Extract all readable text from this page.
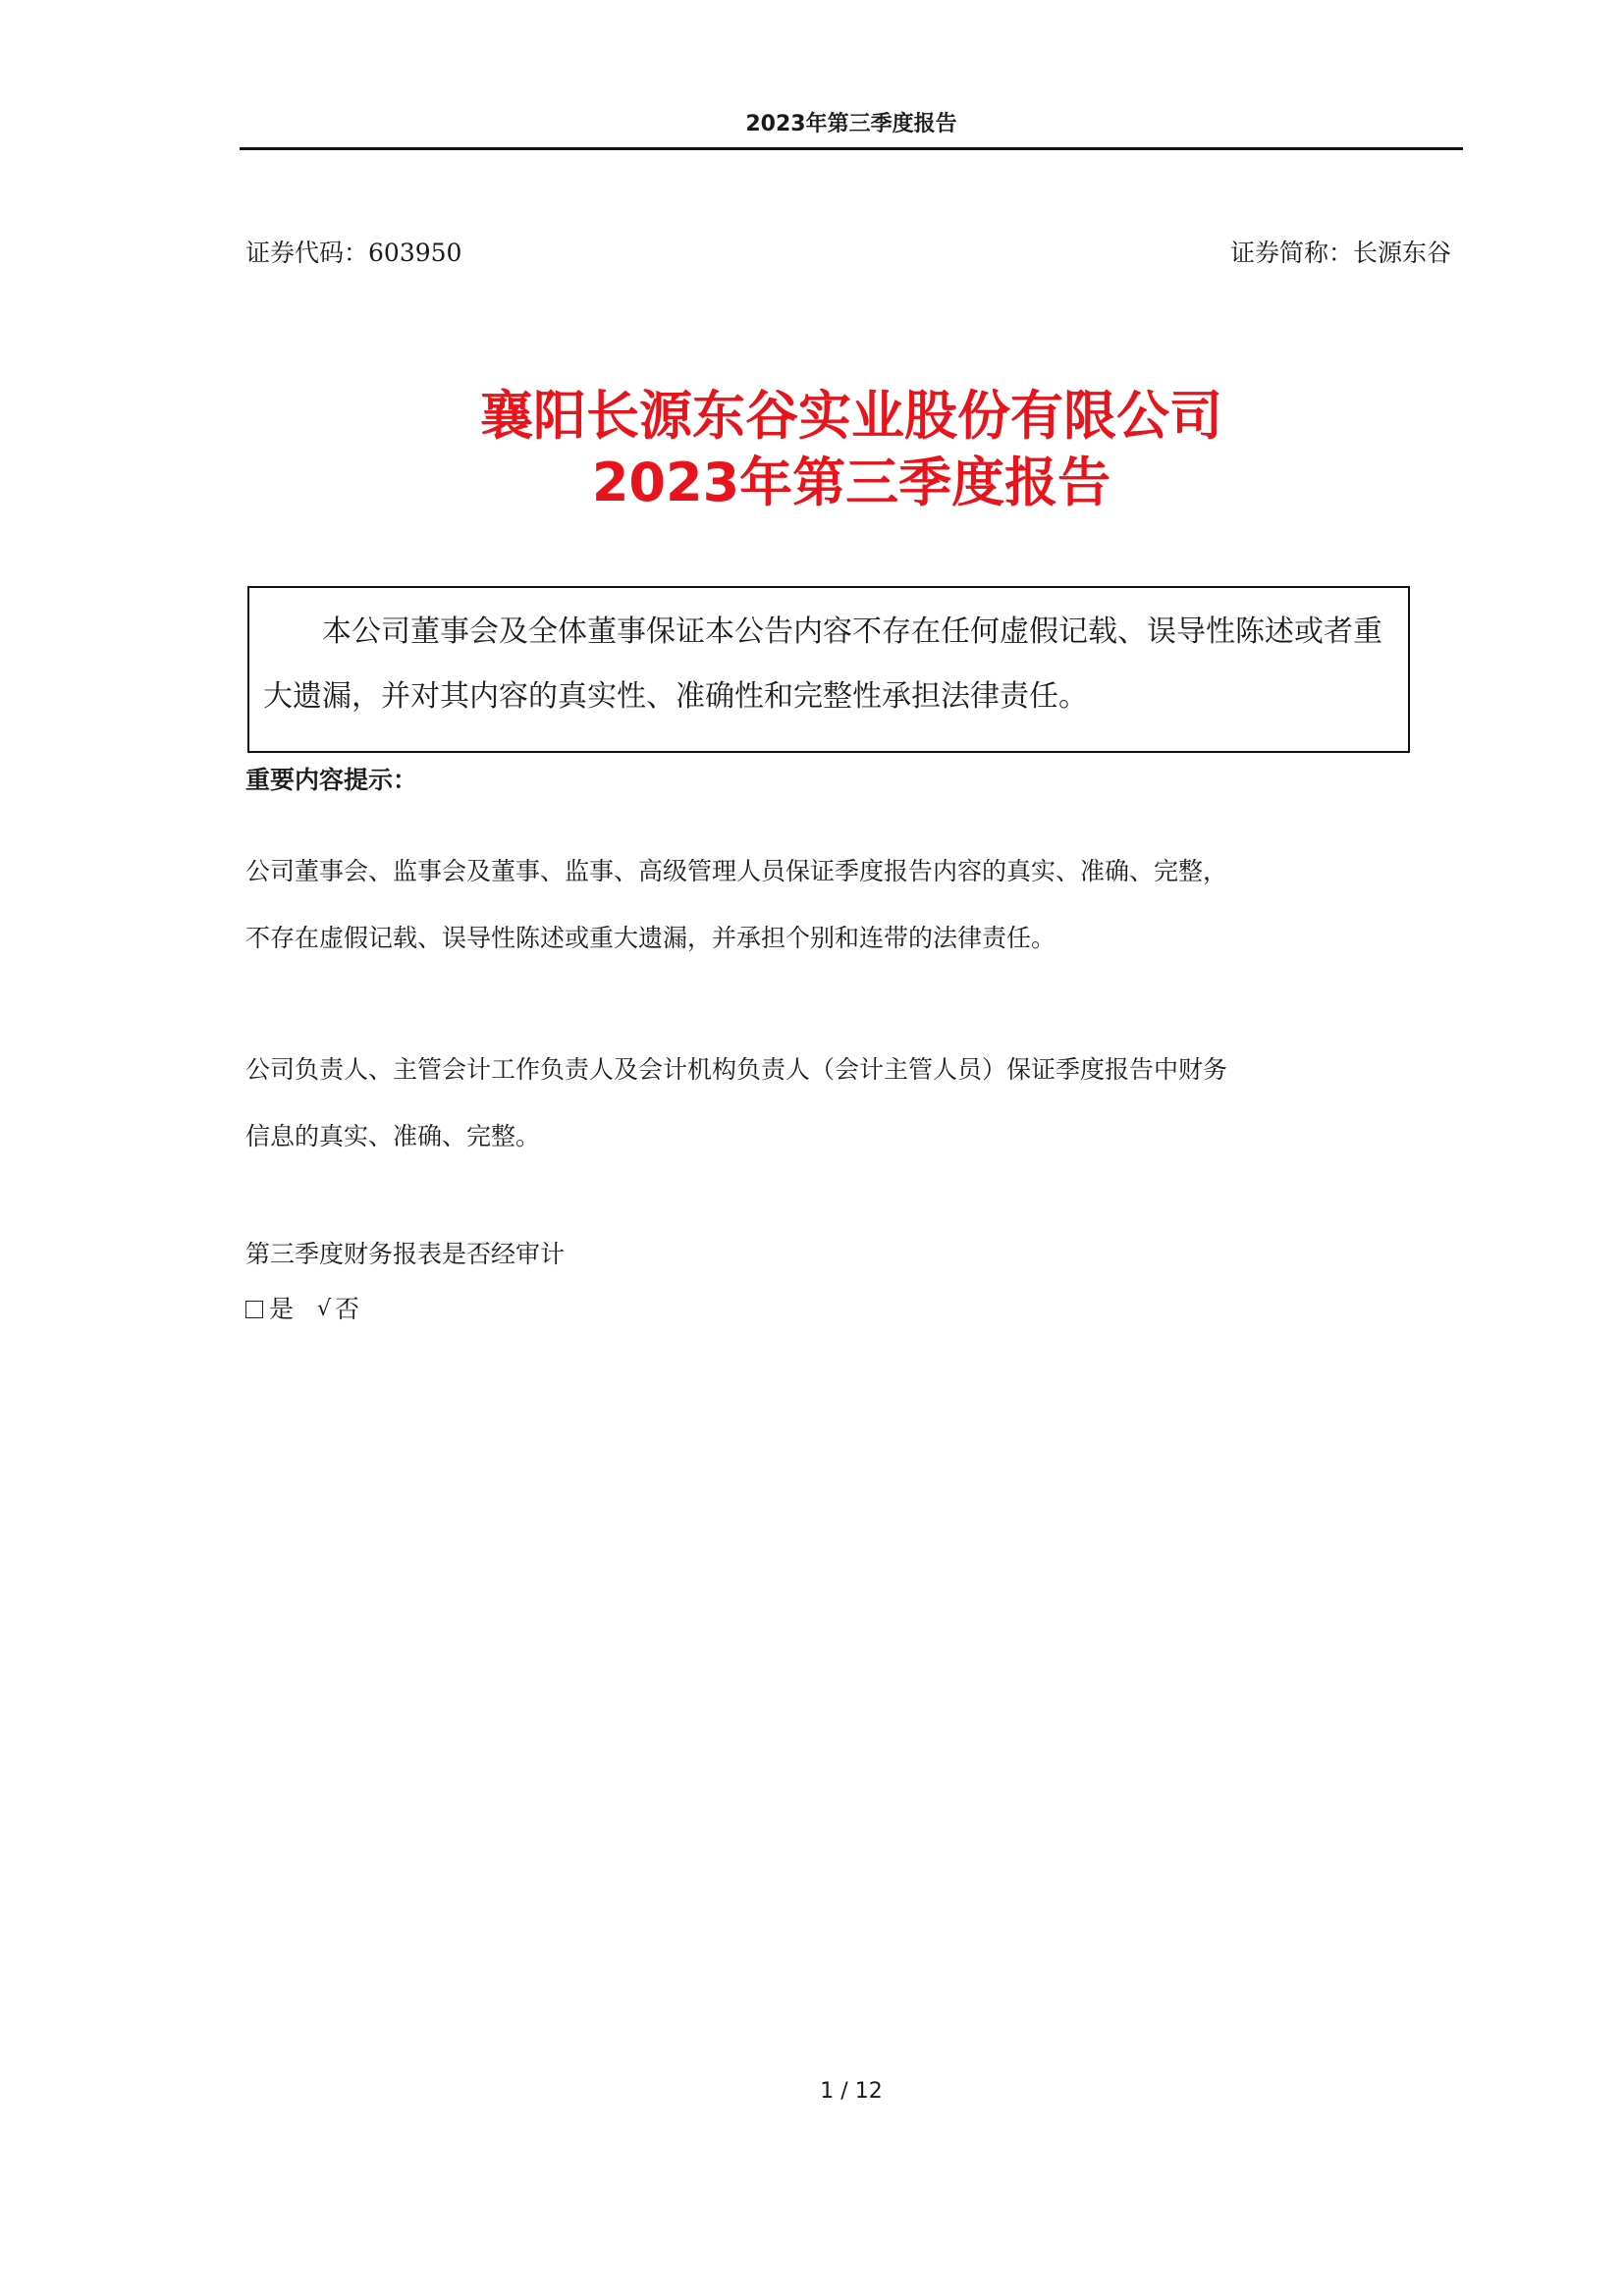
2023年第三季度报告
证券代码：603950	证券简称：长源东谷
襄阳长源东谷实业股份有限公司
2023年第三季度报告

本公司董事会及全体董事保证本公告内容不存在任何虚假记载、误导性陈述或者重大遗漏，并对其内容的真实性、准确性和完整性承担法律责任。

重要内容提示：
公司董事会、监事会及董事、监事、高级管理人员保证季度报告内容的真实、准确、完整，
不存在虚假记载、误导性陈述或重大遗漏，并承担个别和连带的法律责任。
公司负责人、主管会计工作负责人及会计机构负责人（会计主管人员）保证季度报告中财务
信息的真实、准确、完整。
第三季度财务报表是否经审计
是 √ 否
1 / 12
